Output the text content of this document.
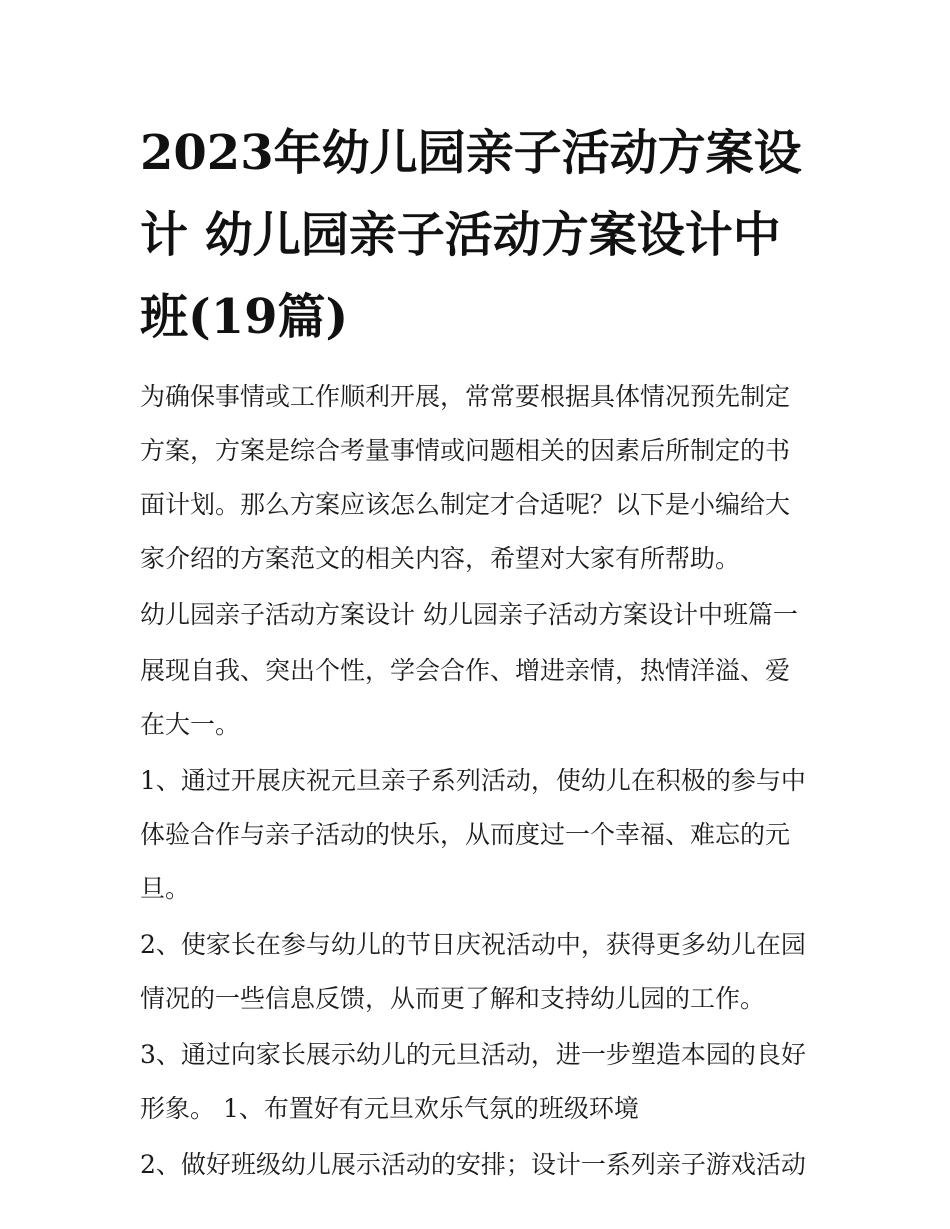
2023年幼儿园亲子活动方案设计 幼儿园亲子活动方案设计中班(19篇)

为确保事情或工作顺利开展，常常要根据具体情况预先制定方案，方案是综合考量事情或问题相关的因素后所制定的书面计划。那么方案应该怎么制定才合适呢？以下是小编给大家介绍的方案范文的相关内容，希望对大家有所帮助。

幼儿园亲子活动方案设计 幼儿园亲子活动方案设计中班篇一

展现自我、突出个性，学会合作、增进亲情，热情洋溢、爱在大一。

1、通过开展庆祝元旦亲子系列活动，使幼儿在积极的参与中体验合作与亲子活动的快乐，从而度过一个幸福、难忘的元旦。

2、使家长在参与幼儿的节日庆祝活动中，获得更多幼儿在园情况的一些信息反馈，从而更了解和支持幼儿园的工作。

3、通过向家长展示幼儿的元旦活动，进一步塑造本园的良好形象。 1、布置好有元旦欢乐气氛的班级环境

2、做好班级幼儿展示活动的安排；设计一系列亲子游戏活动
